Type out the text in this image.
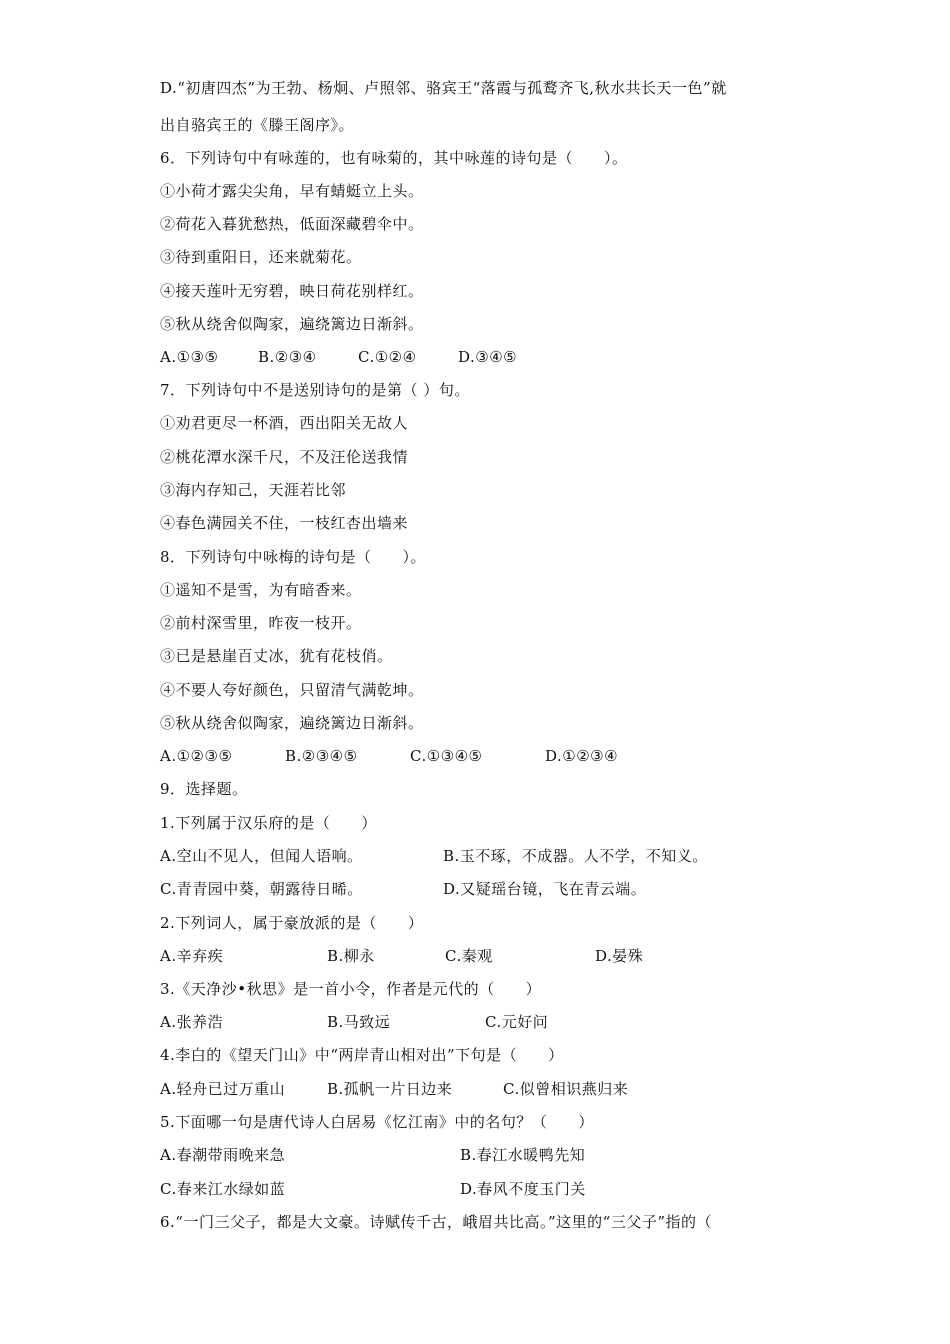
D.“初唐四杰”为王勃、杨炯、卢照邻、骆宾王“落霞与孤鹜齐飞,秋水共长天一色”就
出自骆宾王的《滕王阁序》。
6．下列诗句中有咏莲的，也有咏菊的，其中咏莲的诗句是（　　）。
①小荷才露尖尖角，早有蜻蜓立上头。
②荷花入暮犹愁热，低面深藏碧伞中。
③待到重阳日，还来就菊花。
④接天莲叶无穷碧，映日荷花别样红。
⑤秋从绕舍似陶家，遍绕篱边日渐斜。
A.①③⑤	B.②③④	C.①②④	D.③④⑤
7．下列诗句中不是送别诗句的是第（ ）句。
①劝君更尽一杯酒，西出阳关无故人
②桃花潭水深千尺，不及汪伦送我情
③海内存知己，天涯若比邻
④春色满园关不住，一枝红杏出墙来
8．下列诗句中咏梅的诗句是（　　）。
①遥知不是雪，为有暗香来。
②前村深雪里，昨夜一枝开。
③已是悬崖百丈冰，犹有花枝俏。
④不要人夸好颜色，只留清气满乾坤。
⑤秋从绕舍似陶家，遍绕篱边日渐斜。
A.①②③⑤	B.②③④⑤	C.①③④⑤	D.①②③④
9．选择题。
1.下列属于汉乐府的是（　　）
A.空山不见人，但闻人语响。	B.玉不琢，不成器。人不学，不知义。
C.青青园中葵，朝露待日晞。	D.又疑瑶台镜，飞在青云端。
2.下列词人，属于豪放派的是（　　）
A.辛弃疾	B.柳永	C.秦观	D.晏殊
3.《天净沙•秋思》是一首小令，作者是元代的（　　）
A.张养浩	B.马致远	C.元好问
4.李白的《望天门山》中“两岸青山相对出”下句是（　　）
A.轻舟已过万重山	B.孤帆一片日边来	C.似曾相识燕归来
5.下面哪一句是唐代诗人白居易《忆江南》中的名句？（　　）
A.春潮带雨晚来急	B.春江水暖鸭先知
C.春来江水绿如蓝	D.春风不度玉门关
6.“一门三父子，都是大文豪。诗赋传千古，峨眉共比高。”这里的“三父子”指的（
